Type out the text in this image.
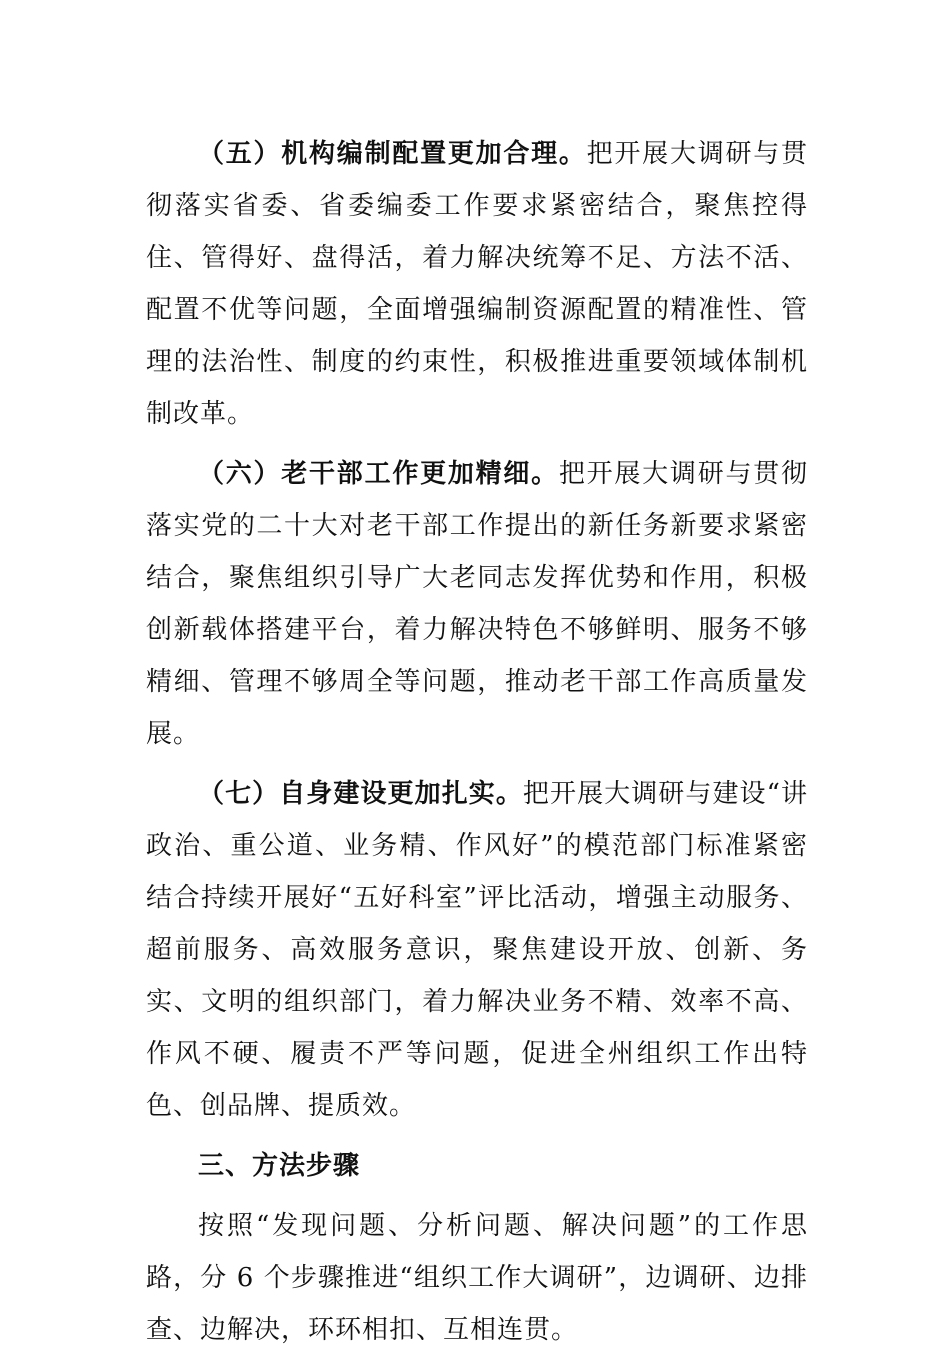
（五）机构编制配置更加合理。把开展大调研与贯彻落实省委、省委编委工作要求紧密结合，聚焦控得住、管得好、盘得活，着力解决统筹不足、方法不活、配置不优等问题，全面增强编制资源配置的精准性、管理的法治性、制度的约束性，积极推进重要领域体制机制改革。

（六）老干部工作更加精细。把开展大调研与贯彻落实党的二十大对老干部工作提出的新任务新要求紧密结合，聚焦组织引导广大老同志发挥优势和作用，积极创新载体搭建平台，着力解决特色不够鲜明、服务不够精细、管理不够周全等问题，推动老干部工作高质量发展。

（七）自身建设更加扎实。把开展大调研与建设“讲政治、重公道、业务精、作风好”的模范部门标准紧密结合持续开展好“五好科室”评比活动，增强主动服务、超前服务、高效服务意识，聚焦建设开放、创新、务实、文明的组织部门，着力解决业务不精、效率不高、作风不硬、履责不严等问题，促进全州组织工作出特色、创品牌、提质效。

三、方法步骤

按照“发现问题、分析问题、解决问题”的工作思路，分 6 个步骤推进“组织工作大调研”，边调研、边排查、边解决，环环相扣、互相连贯。
